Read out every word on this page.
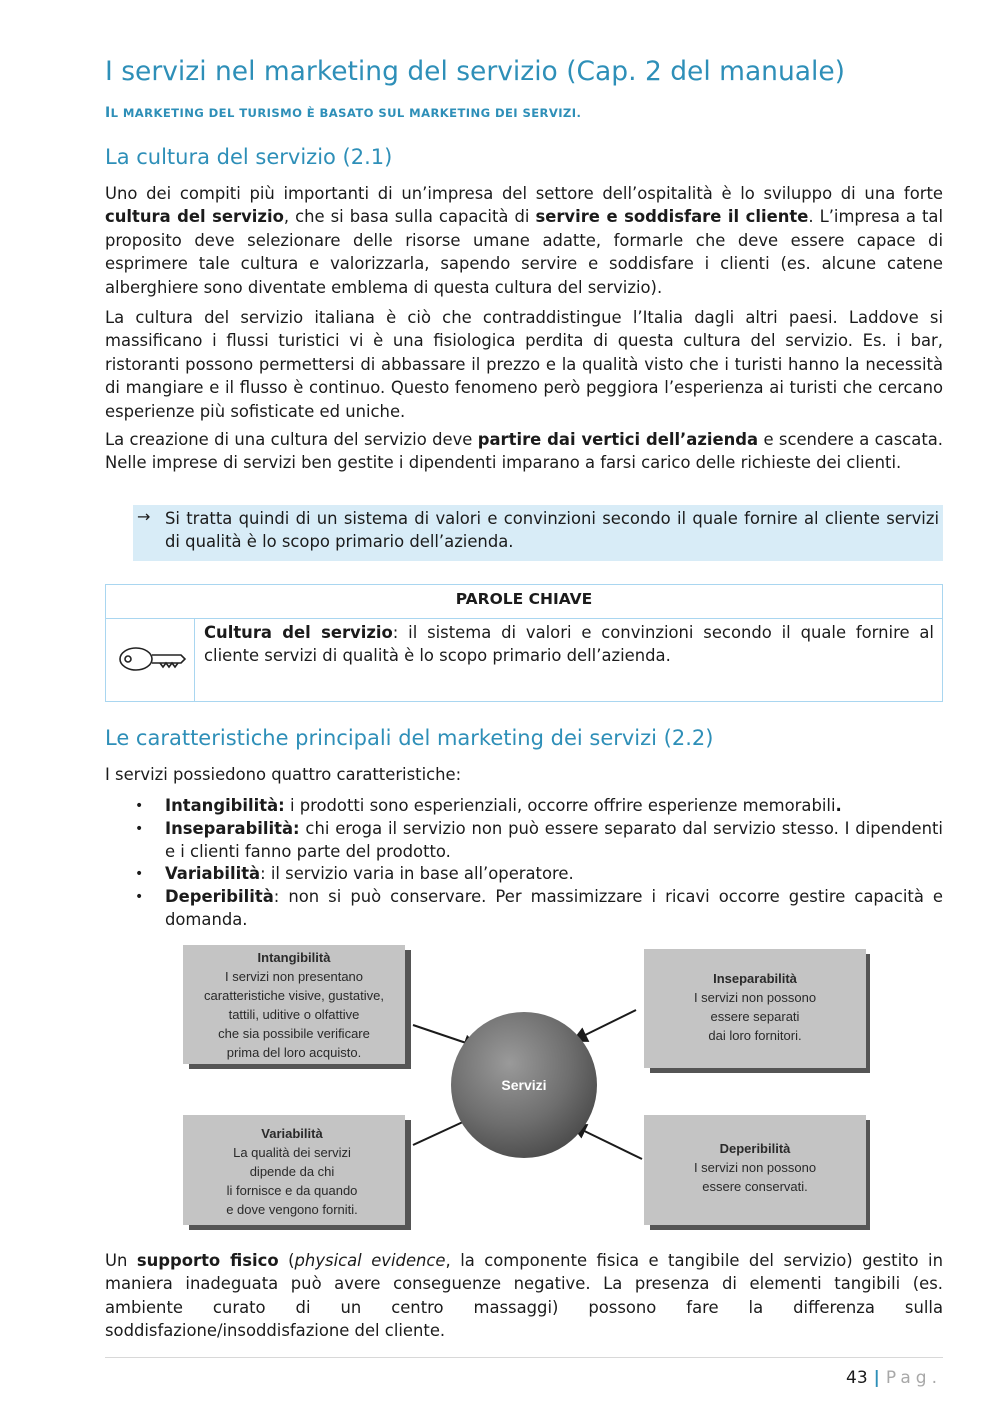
I servizi nel marketing del servizio (Cap. 2 del manuale)
IL MARKETING DEL TURISMO È BASATO SUL MARKETING DEI SERVIZI.
La cultura del servizio (2.1)

Uno dei compiti più importanti di un’impresa del settore dell’ospitalità è lo sviluppo di una forte cultura del servizio, che si basa sulla capacità di servire e soddisfare il cliente. L’impresa a tal proposito deve selezionare delle risorse umane adatte, formarle che deve essere capace di esprimere tale cultura e valorizzarla, sapendo servire e soddisfare i clienti (es. alcune catene alberghiere sono diventate emblema di questa cultura del servizio).

La cultura del servizio italiana è ciò che contraddistingue l’Italia dagli altri paesi. Laddove si massificano i flussi turistici vi è una fisiologica perdita di questa cultura del servizio. Es. i bar, ristoranti possono permettersi di abbassare il prezzo e la qualità visto che i turisti hanno la necessità di mangiare e il flusso è continuo. Questo fenomeno però peggiora l’esperienza ai turisti che cercano esperienze più sofisticate ed uniche.

La creazione di una cultura del servizio deve partire dai vertici dell’azienda e scendere a cascata. Nelle imprese di servizi ben gestite i dipendenti imparano a farsi carico delle richieste dei clienti.

→ Si tratta quindi di un sistema di valori e convinzioni secondo il quale fornire al cliente servizi di qualità è lo scopo primario dell’azienda.
PAROLE CHIAVE
Cultura del servizio: il sistema di valori e convinzioni secondo il quale fornire al cliente servizi di qualità è lo scopo primario dell’azienda.
Le caratteristiche principali del marketing dei servizi (2.2)

I servizi possiedono quattro caratteristiche:

• Intangibilità: i prodotti sono esperienziali, occorre offrire esperienze memorabili.
• Inseparabilità: chi eroga il servizio non può essere separato dal servizio stesso. I dipendenti e i clienti fanno parte del prodotto.
• Variabilità: il servizio varia in base all’operatore.
• Deperibilità: non si può conservare. Per massimizzare i ricavi occorre gestire capacità e domanda.
Intangibilità
I servizi non presentano
caratteristiche visive, gustative,
tattili, uditive o olfattive
che sia possibile verificare
prima del loro acquisto.
Inseparabilità
I servizi non possono
essere separati
dai loro fornitori.
Variabilità
La qualità dei servizi
dipende da chi
li fornisce e da quando
e dove vengono forniti.
Deperibilità
I servizi non possono
essere conservati.
Servizi

Un supporto fisico (physical evidence, la componente fisica e tangibile del servizio) gestito in maniera inadeguata può avere conseguenze negative. La presenza di elementi tangibili (es. ambiente curato di un centro massaggi) possono fare la differenza sulla soddisfazione/insoddisfazione del cliente.

43 | Pag.
